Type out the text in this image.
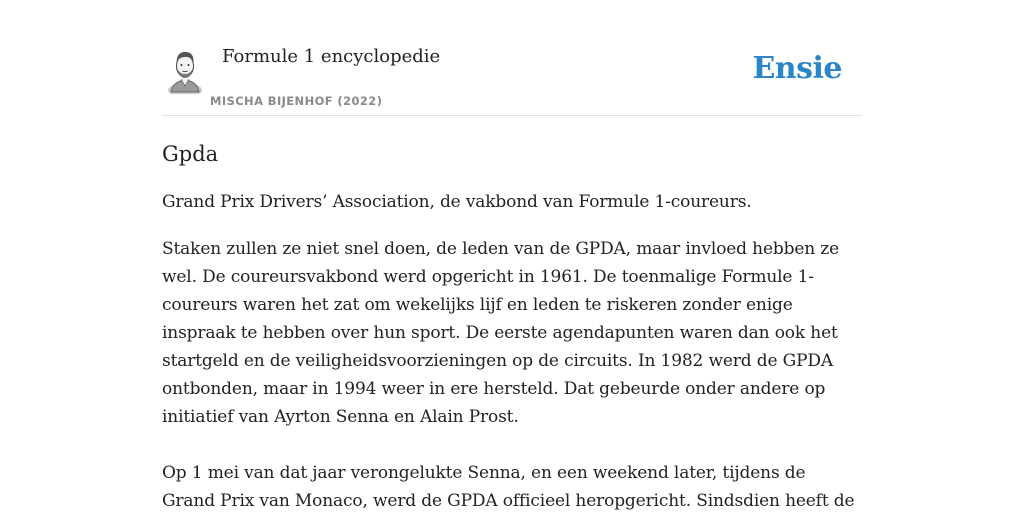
Formule 1 encyclopedie
MISCHA BIJENHOF (2022)
Ensie
Gpda

Grand Prix Drivers’ Association, de vakbond van Formule 1-coureurs.

Staken zullen ze niet snel doen, de leden van de GPDA, maar invloed hebben ze wel. De coureursvakbond werd opgericht in 1961. De toenmalige Formule 1-coureurs waren het zat om wekelijks lijf en leden te riskeren zonder enige inspraak te hebben over hun sport. De eerste agendapunten waren dan ook het startgeld en de veiligheidsvoorzieningen op de circuits. In 1982 werd de GPDA ontbonden, maar in 1994 weer in ere hersteld. Dat gebeurde onder andere op initiatief van Ayrton Senna en Alain Prost.
Op 1 mei van dat jaar verongelukte Senna, en een weekend later, tijdens de Grand Prix van Monaco, werd de GPDA officieel heropgericht. Sindsdien heeft de
